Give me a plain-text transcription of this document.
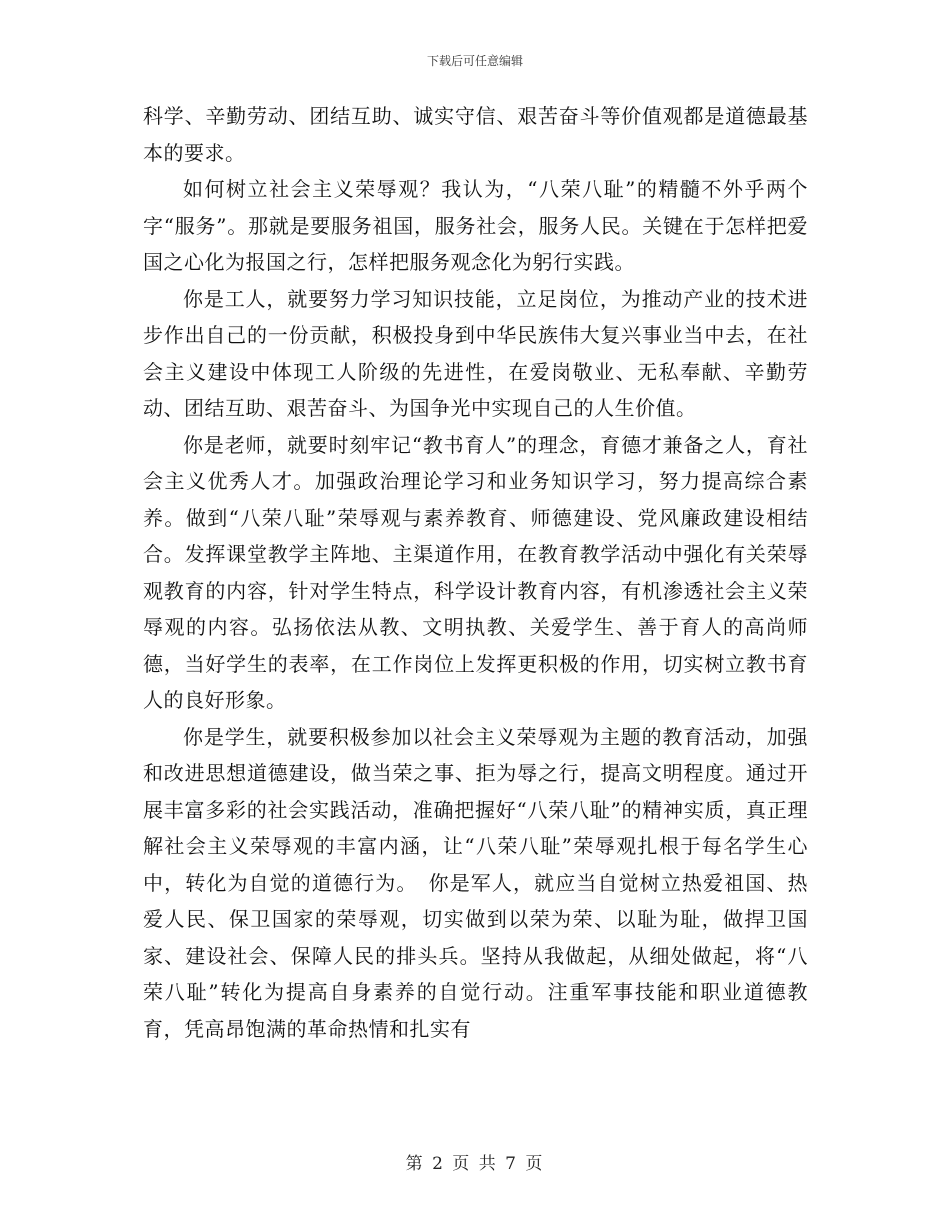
下载后可任意编辑

科学、辛勤劳动、团结互助、诚实守信、艰苦奋斗等价值观都是道德最基本的要求。

如何树立社会主义荣辱观？我认为，“八荣八耻”的精髓不外乎两个字“服务”。那就是要服务祖国，服务社会，服务人民。关键在于怎样把爱国之心化为报国之行，怎样把服务观念化为躬行实践。

你是工人，就要努力学习知识技能，立足岗位，为推动产业的技术进步作出自己的一份贡献，积极投身到中华民族伟大复兴事业当中去，在社会主义建设中体现工人阶级的先进性，在爱岗敬业、无私奉献、辛勤劳动、团结互助、艰苦奋斗、为国争光中实现自己的人生价值。

你是老师，就要时刻牢记“教书育人”的理念，育德才兼备之人，育社会主义优秀人才。加强政治理论学习和业务知识学习，努力提高综合素养。做到“八荣八耻”荣辱观与素养教育、师德建设、党风廉政建设相结合。发挥课堂教学主阵地、主渠道作用，在教育教学活动中强化有关荣辱观教育的内容，针对学生特点，科学设计教育内容，有机渗透社会主义荣辱观的内容。弘扬依法从教、文明执教、关爱学生、善于育人的高尚师德，当好学生的表率，在工作岗位上发挥更积极的作用，切实树立教书育人的良好形象。

你是学生，就要积极参加以社会主义荣辱观为主题的教育活动，加强和改进思想道德建设，做当荣之事、拒为辱之行，提高文明程度。通过开展丰富多彩的社会实践活动，准确把握好“八荣八耻”的精神实质，真正理解社会主义荣辱观的丰富内涵，让“八荣八耻”荣辱观扎根于每名学生心中，转化为自觉的道德行为。　你是军人，就应当自觉树立热爱祖国、热爱人民、保卫国家的荣辱观，切实做到以荣为荣、以耻为耻，做捍卫国家、建设社会、保障人民的排头兵。坚持从我做起，从细处做起，将“八荣八耻”转化为提高自身素养的自觉行动。注重军事技能和职业道德教育，凭高昂饱满的革命热情和扎实有

第 2 页 共 7 页
